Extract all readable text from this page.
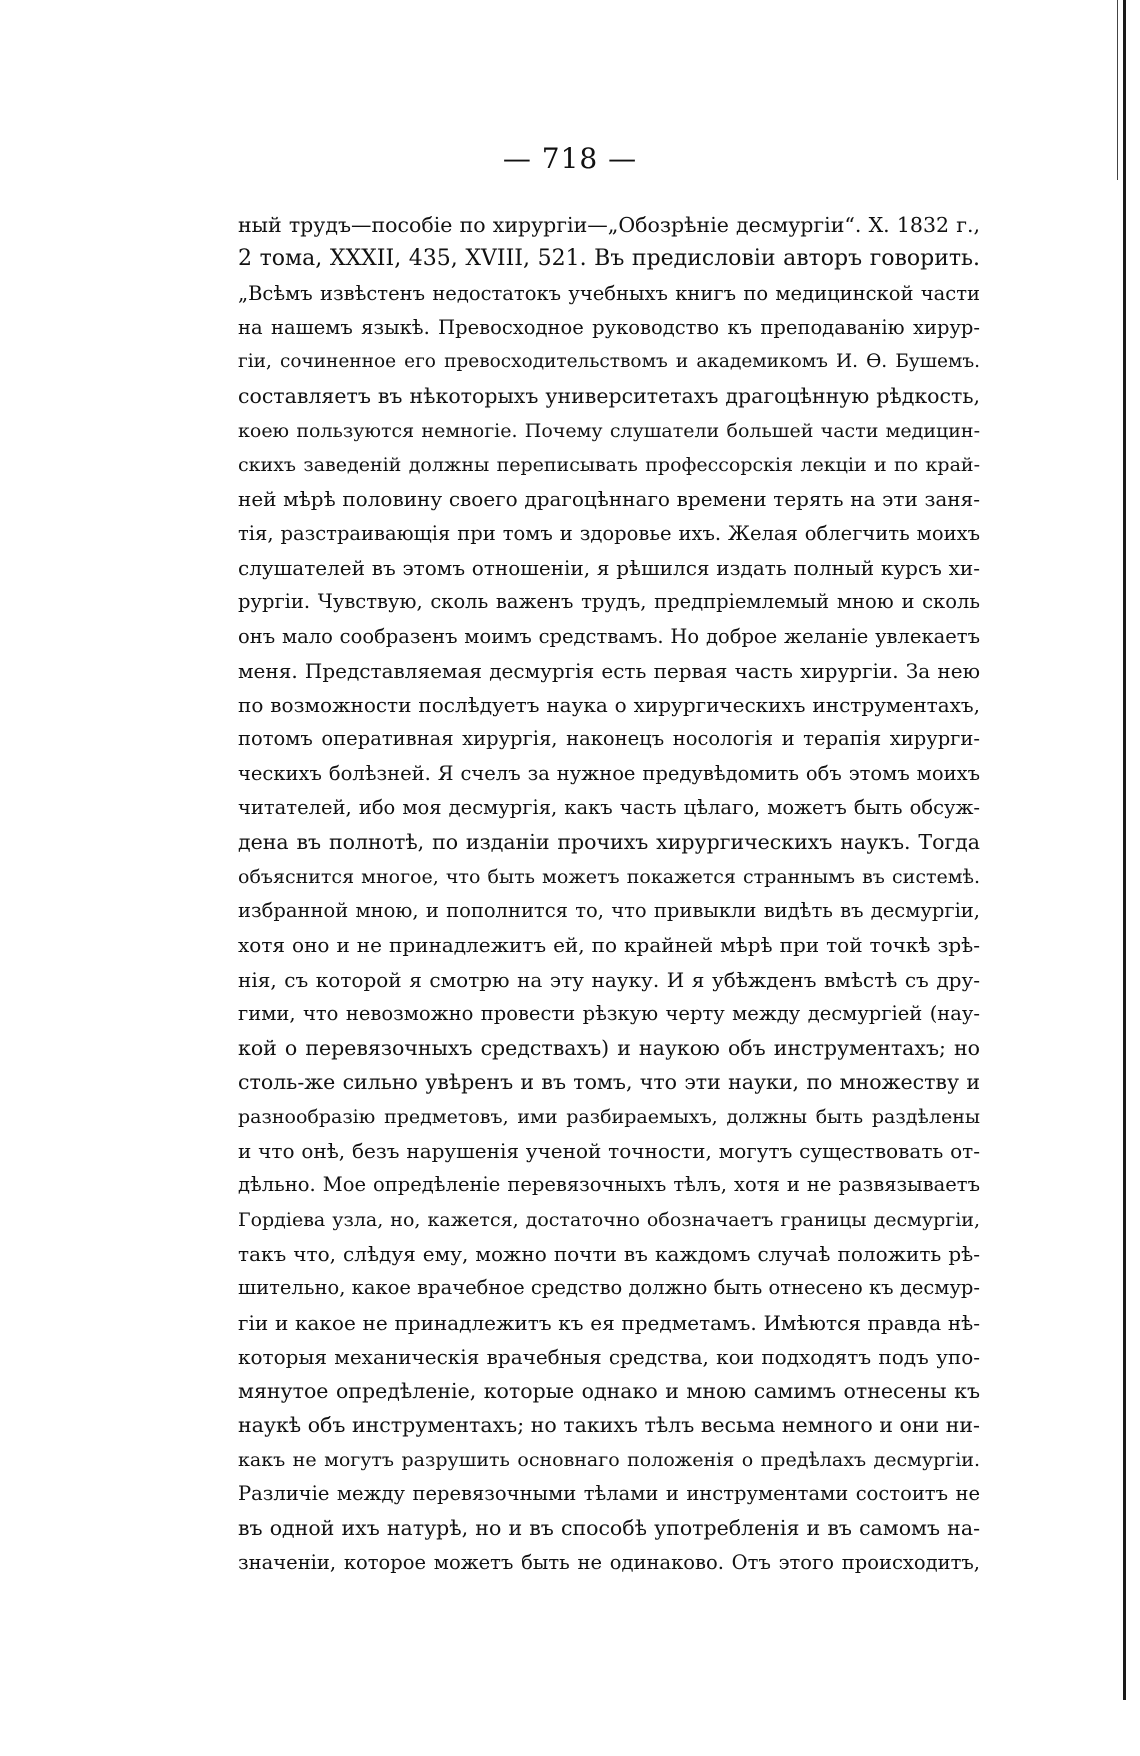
— 718 —
ный трудъ—пособіе по хирургіи—„Обозрѣніе десмургіи“. X. 1832 г.,
2 тома, XXXII, 435, XVIII, 521. Въ предисловіи авторъ говорить.
„Всѣмъ извѣстенъ недостатокъ учебныхъ книгъ по медицинской части
на нашемъ языкѣ. Превосходное руководство къ преподаванію хирур-
гіи, сочиненное его превосходительствомъ и академикомъ И. Ѳ. Бушемъ.
составляетъ въ нѣкоторыхъ университетахъ драгоцѣнную рѣдкость,
коею пользуются немногіе. Почему слушатели большей части медицин-
скихъ заведеній должны переписывать профессорскія лекціи и по край-
ней мѣрѣ половину своего драгоцѣннаго времени терять на эти заня-
тія, разстраивающія при томъ и здоровье ихъ. Желая облегчить моихъ
слушателей въ этомъ отношеніи, я рѣшился издать полный курсъ хи-
рургіи. Чувствую, сколь важенъ трудъ, предпріемлемый мною и сколь
онъ мало сообразенъ моимъ средствамъ. Но доброе желаніе увлекаетъ
меня. Представляемая десмургія есть первая часть хирургіи. За нею
по возможности послѣдуетъ наука о хирургическихъ инструментахъ,
потомъ оперативная хирургія, наконецъ носологія и терапія хирурги-
ческихъ болѣзней. Я счелъ за нужное предувѣдомить объ этомъ моихъ
читателей, ибо моя десмургія, какъ часть цѣлаго, можетъ быть обсуж-
дена въ полнотѣ, по изданіи прочихъ хирургическихъ наукъ. Тогда
объяснится многое, что быть можетъ покажется страннымъ въ системѣ.
избранной мною, и пополнится то, что привыкли видѣть въ десмургіи,
хотя оно и не принадлежитъ ей, по крайней мѣрѣ при той точкѣ зрѣ-
нія, съ которой я смотрю на эту науку. И я убѣжденъ вмѣстѣ съ дру-
гими, что невозможно провести рѣзкую черту между десмургіей (нау-
кой о перевязочныхъ средствахъ) и наукою объ инструментахъ; но
столь-же сильно увѣренъ и въ томъ, что эти науки, по множеству и
разнообразію предметовъ, ими разбираемыхъ, должны быть раздѣлены
и что онѣ, безъ нарушенія ученой точности, могутъ существовать от-
дѣльно. Мое опредѣленіе перевязочныхъ тѣлъ, хотя и не развязываетъ
Гордіева узла, но, кажется, достаточно обозначаетъ границы десмургіи,
такъ что, слѣдуя ему, можно почти въ каждомъ случаѣ положить рѣ-
шительно, какое врачебное средство должно быть отнесено къ десмур-
гіи и какое не принадлежитъ къ ея предметамъ. Имѣются правда нѣ-
которыя механическія врачебныя средства, кои подходятъ подъ упо-
мянутое опредѣленіе, которые однако и мною самимъ отнесены къ
наукѣ объ инструментахъ; но такихъ тѣлъ весьма немного и они ни-
какъ не могутъ разрушить основнаго положенія о предѣлахъ десмургіи.
Различіе между перевязочными тѣлами и инструментами состоитъ не
въ одной ихъ натурѣ, но и въ способѣ употребленія и въ самомъ на-
значеніи, которое можетъ быть не одинаково. Отъ этого происходитъ,
